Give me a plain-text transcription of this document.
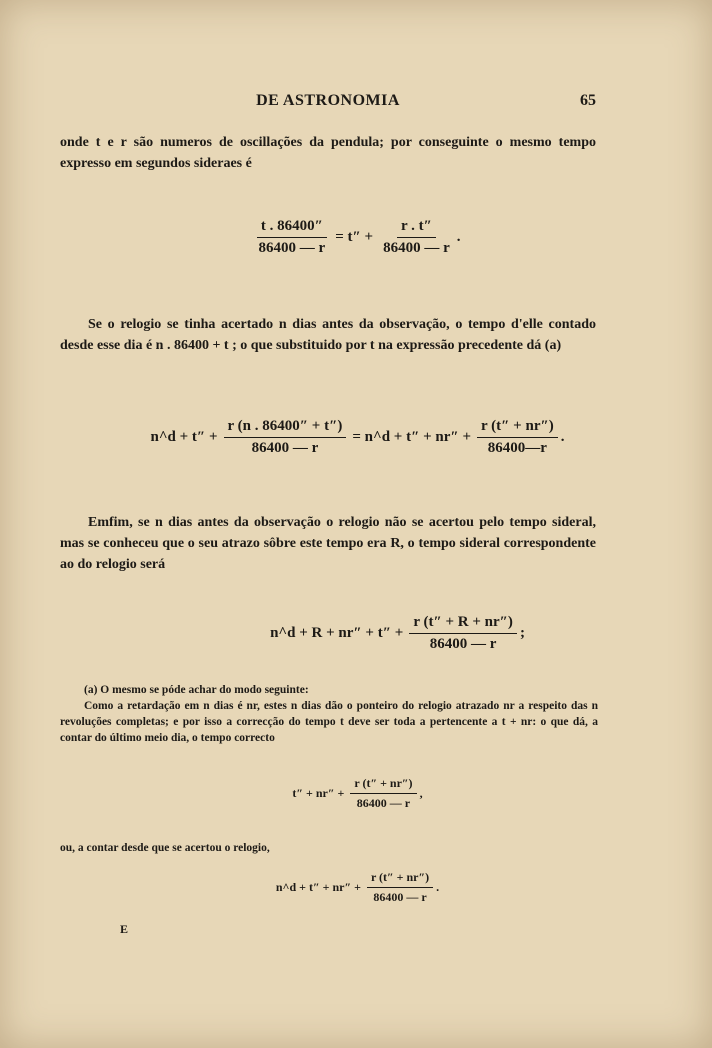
DE ASTRONOMIA	65
onde t e r são numeros de oscillações da pendula; por conseguinte o mesmo tempo expresso em segundos sideraes é
$\frac{t . 86400''}{86400 — r} = t'' + \frac{r . t''}{86400 — r}$ .
Se o relogio se tinha acertado n dias antes da observação, o tempo d'elle contado desde esse dia é n . 86400 + t ; o que substituido por t na expressão precedente dá (a)
n^d + $t'' + \frac{r (n . 86400'' + t'')}{86400 — r}$ = n^d + $t'' + nr'' + \frac{r (t'' + nr'')}{86400—r}$ .
Emfim, se n dias antes da observação o relogio não se acertou pelo tempo sideral, mas se conheceu que o seu atrazo sôbre este tempo era R, o tempo sideral correspondente ao do relogio será
n^d + $R + nr'' + t'' + \frac{r (t'' + R + nr'')}{86400 — r}$ ;
(a) O mesmo se póde achar do modo seguinte:
Como a retardação em n dias é nr, estes n dias dão o ponteiro do relogio atrazado nr a respeito das n revoluções completas; e por isso a correcção do tempo t deve ser toda a pertencente a t + nr: o que dá, a contar do último meio dia, o tempo correcto
$t'' + nr'' + \frac{r (t'' + nr'')}{86400 — r}$ ,
ou, a contar desde que se acertou o relogio,
n^d + $t'' + nr'' + \frac{r (t'' + nr'')}{86400 — r}$ .
E
